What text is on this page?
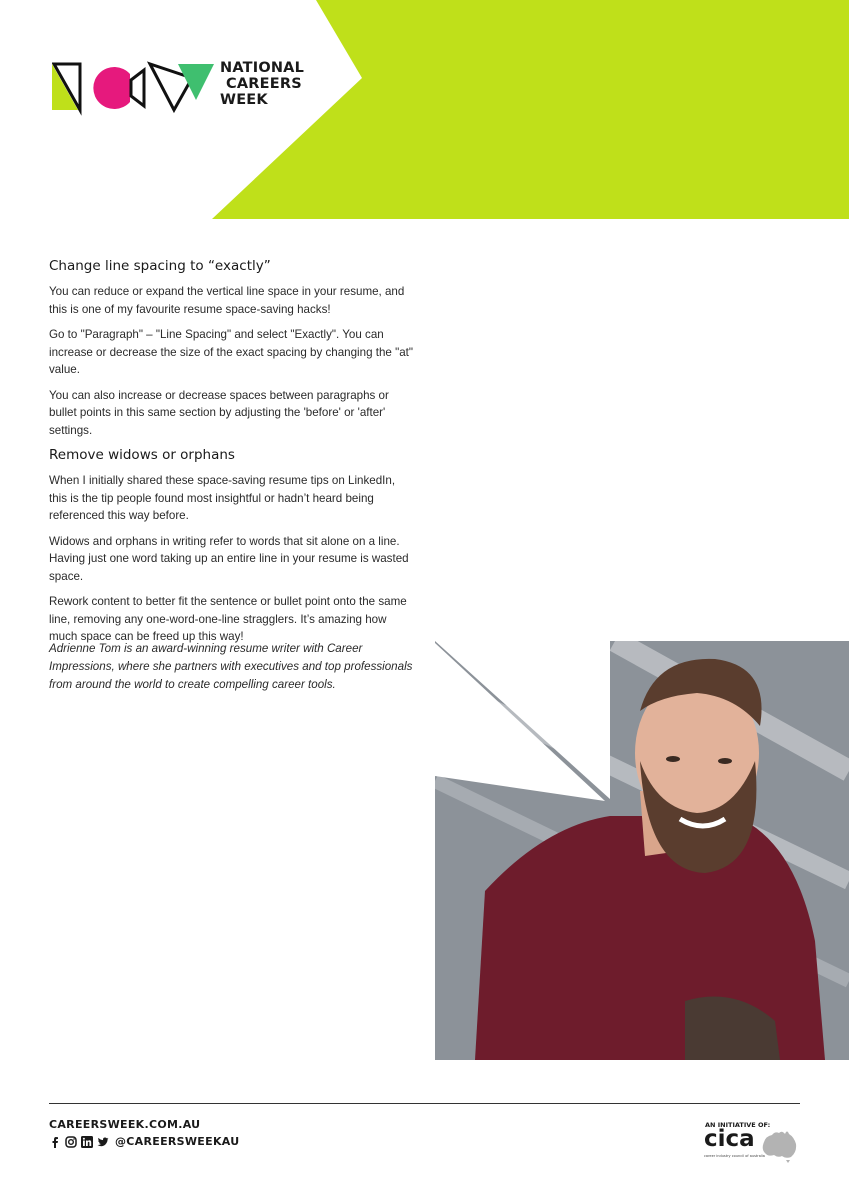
NATIONAL
CAREERS
WEEK
Change line spacing to “exactly”

You can reduce or expand the vertical line space in your resume, and this is one of my favourite resume space-saving hacks!

Go to "Paragraph" – "Line Spacing" and select "Exactly". You can increase or decrease the size of the exact spacing by changing the "at" value.

You can also increase or decrease spaces between paragraphs or bullet points in this same section by adjusting the 'before' or 'after' settings.

Remove widows or orphans

When I initially shared these space-saving resume tips on LinkedIn, this is the tip people found most insightful or hadn’t heard being referenced this way before.

Widows and orphans in writing refer to words that sit alone on a line. Having just one word taking up an entire line in your resume is wasted space.

Rework content to better fit the sentence or bullet point onto the same line, removing any one-word-one-line stragglers. It’s amazing how much space can be freed up this way!

Adrienne Tom is an award-winning resume writer with Career Impressions, where she partners with executives and top professionals from around the world to create compelling career tools.

CAREERSWEEK.COM.AU
@CAREERSWEEKAU
AN INITIATIVE OF:
cica
career industry council of australia
